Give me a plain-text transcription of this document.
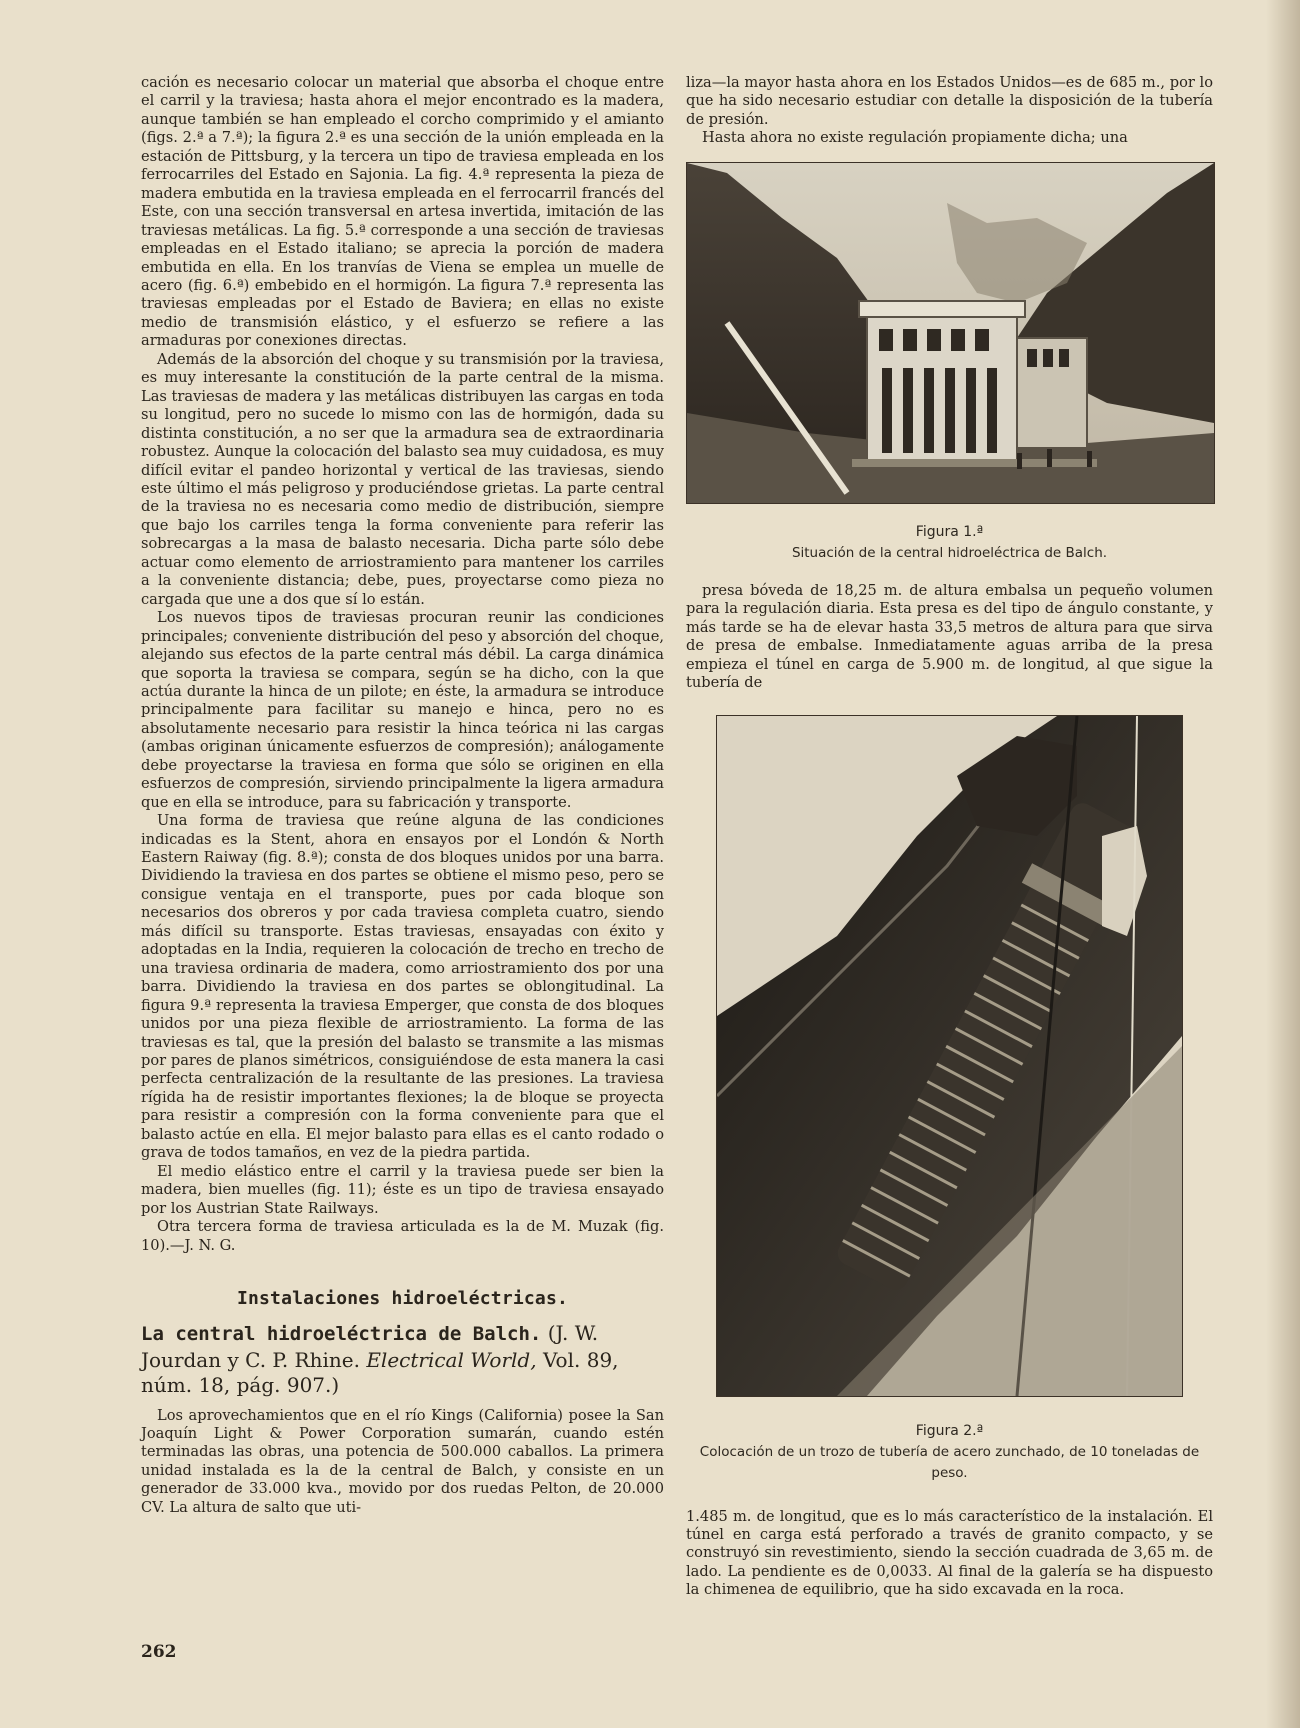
cación es necesario colocar un material que absorba el choque entre el carril y la traviesa; hasta ahora el mejor encontrado es la madera, aunque también se han empleado el corcho comprimido y el amianto (figs. 2.ª a 7.ª); la figura 2.ª es una sección de la unión empleada en la estación de Pittsburg, y la tercera un tipo de traviesa empleada en los ferrocarriles del Estado en Sajonia. La fig. 4.ª representa la pieza de madera embutida en la traviesa empleada en el ferrocarril francés del Este, con una sección transversal en artesa invertida, imitación de las traviesas metálicas. La fig. 5.ª corresponde a una sección de traviesas empleadas en el Estado italiano; se aprecia la porción de madera embutida en ella. En los tranvías de Viena se emplea un muelle de acero (fig. 6.ª) embebido en el hormigón. La figura 7.ª representa las traviesas empleadas por el Estado de Baviera; en ellas no existe medio de transmisión elástico, y el esfuerzo se refiere a las armaduras por conexiones directas.

Además de la absorción del choque y su transmisión por la traviesa, es muy interesante la constitución de la parte central de la misma. Las traviesas de madera y las metálicas distribuyen las cargas en toda su longitud, pero no sucede lo mismo con las de hormigón, dada su distinta constitución, a no ser que la armadura sea de extraordinaria robustez. Aunque la colocación del balasto sea muy cuidadosa, es muy difícil evitar el pandeo horizontal y vertical de las traviesas, siendo este último el más peligroso y produciéndose grietas. La parte central de la traviesa no es necesaria como medio de distribución, siempre que bajo los carriles tenga la forma conveniente para referir las sobrecargas a la masa de balasto necesaria. Dicha parte sólo debe actuar como elemento de arriostramiento para mantener los carriles a la conveniente distancia; debe, pues, proyectarse como pieza no cargada que une a dos que sí lo están.

Los nuevos tipos de traviesas procuran reunir las condiciones principales; conveniente distribución del peso y absorción del choque, alejando sus efectos de la parte central más débil. La carga dinámica que soporta la traviesa se compara, según se ha dicho, con la que actúa durante la hinca de un pilote; en éste, la armadura se introduce principalmente para facilitar su manejo e hinca, pero no es absolutamente necesario para resistir la hinca teórica ni las cargas (ambas originan únicamente esfuerzos de compresión); análogamente debe proyectarse la traviesa en forma que sólo se originen en ella esfuerzos de compresión, sirviendo principalmente la ligera armadura que en ella se introduce, para su fabricación y transporte.

Una forma de traviesa que reúne alguna de las condiciones indicadas es la Stent, ahora en ensayos por el Londón & North Eastern Raiway (fig. 8.ª); consta de dos bloques unidos por una barra. Dividiendo la traviesa en dos partes se obtiene el mismo peso, pero se consigue ventaja en el transporte, pues por cada bloque son necesarios dos obreros y por cada traviesa completa cuatro, siendo más difícil su transporte. Estas traviesas, ensayadas con éxito y adoptadas en la India, requieren la colocación de trecho en trecho de una traviesa ordinaria de madera, como arriostramiento dos por una barra. Dividiendo la traviesa en dos partes se oblongitudinal. La figura 9.ª representa la traviesa Emperger, que consta de dos bloques unidos por una pieza flexible de arriostramiento. La forma de las traviesas es tal, que la presión del balasto se transmite a las mismas por pares de planos simétricos, consiguiéndose de esta manera la casi perfecta centralización de la resultante de las presiones. La traviesa rígida ha de resistir importantes flexiones; la de bloque se proyecta para resistir a compresión con la forma conveniente para que el balasto actúe en ella. El mejor balasto para ellas es el canto rodado o grava de todos tamaños, en vez de la piedra partida.

El medio elástico entre el carril y la traviesa puede ser bien la madera, bien muelles (fig. 11); éste es un tipo de traviesa ensayado por los Austrian State Railways.

Otra tercera forma de traviesa articulada es la de M. Muzak (fig. 10).—J. N. G.

Instalaciones hidroeléctricas.

La central hidroeléctrica de Balch. (J. W. Jourdan y C. P. Rhine. Electrical World, Vol. 89, núm. 18, pág. 907.)

Los aprovechamientos que en el río Kings (California) posee la San Joaquín Light & Power Corporation sumarán, cuando estén terminadas las obras, una potencia de 500.000 caballos. La primera unidad instalada es la de la central de Balch, y consiste en un generador de 33.000 kva., movido por dos ruedas Pelton, de 20.000 CV. La altura de salto que uti-

liza—la mayor hasta ahora en los Estados Unidos—es de 685 m., por lo que ha sido necesario estudiar con detalle la disposición de la tubería de presión.

Hasta ahora no existe regulación propiamente dicha; una

Figura 1.ª
Situación de la central hidroeléctrica de Balch.

presa bóveda de 18,25 m. de altura embalsa un pequeño volumen para la regulación diaria. Esta presa es del tipo de ángulo constante, y más tarde se ha de elevar hasta 33,5 metros de altura para que sirva de presa de embalse. Inmediatamente aguas arriba de la presa empieza el túnel en carga de 5.900 m. de longitud, al que sigue la tubería de

Figura 2.ª
Colocación de un trozo de tubería de acero zunchado, de 10 toneladas de peso.

1.485 m. de longitud, que es lo más característico de la instalación. El túnel en carga está perforado a través de granito compacto, y se construyó sin revestimiento, siendo la sección cuadrada de 3,65 m. de lado. La pendiente es de 0,0033. Al final de la galería se ha dispuesto la chimenea de equilibrio, que ha sido excavada en la roca.

262
